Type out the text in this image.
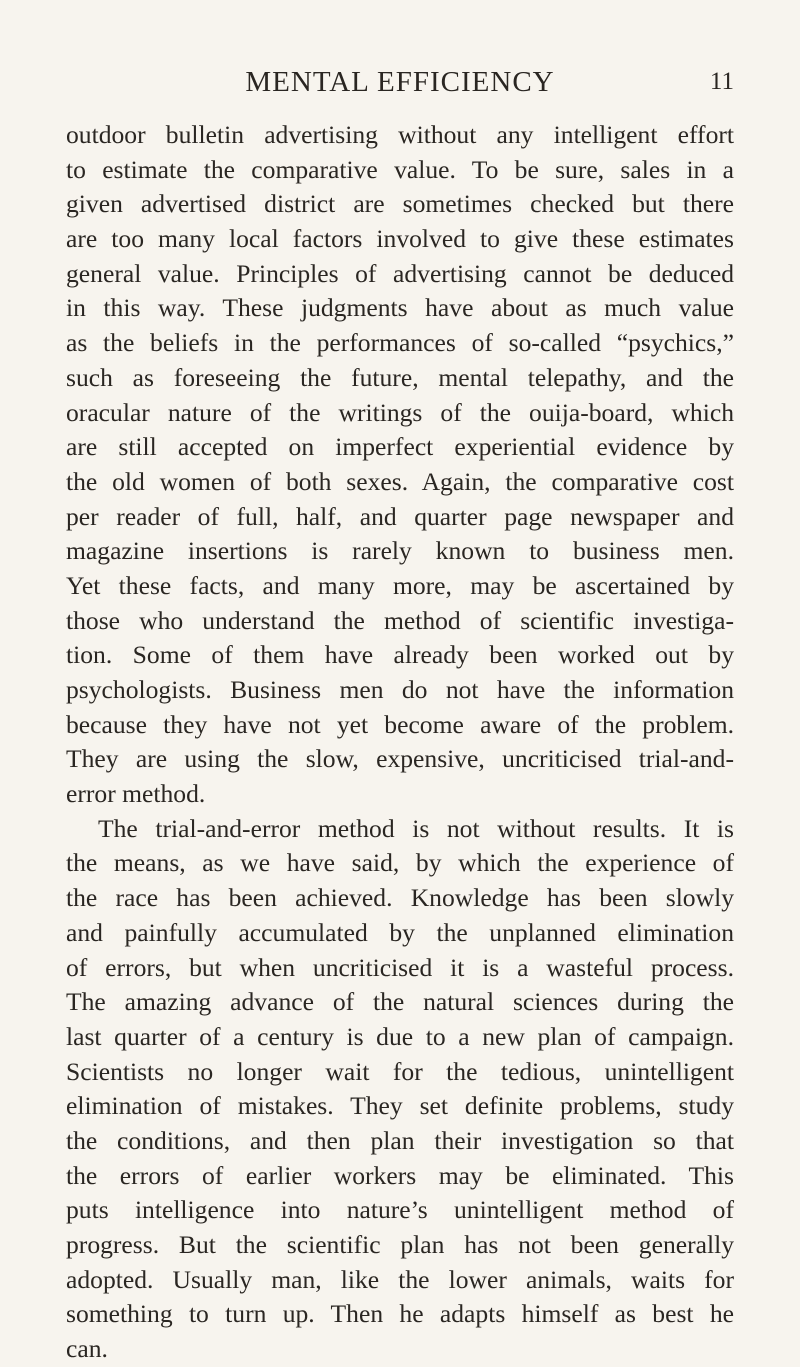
MENTAL EFFICIENCY	11
outdoor bulletin advertising without any intelligent effort
to estimate the comparative value. To be sure, sales in a
given advertised district are sometimes checked but there
are too many local factors involved to give these estimates
general value. Principles of advertising cannot be deduced
in this way. These judgments have about as much value
as the beliefs in the performances of so-called “psychics,”
such as foreseeing the future, mental telepathy, and the
oracular nature of the writings of the ouija-board, which
are still accepted on imperfect experiential evidence by
the old women of both sexes. Again, the comparative cost
per reader of full, half, and quarter page newspaper and
magazine insertions is rarely known to business men.
Yet these facts, and many more, may be ascertained by
those who understand the method of scientific investiga-
tion. Some of them have already been worked out by
psychologists. Business men do not have the information
because they have not yet become aware of the problem.
They are using the slow, expensive, uncriticised trial-and-
error method.
The trial-and-error method is not without results. It is
the means, as we have said, by which the experience of
the race has been achieved. Knowledge has been slowly
and painfully accumulated by the unplanned elimination
of errors, but when uncriticised it is a wasteful process.
The amazing advance of the natural sciences during the
last quarter of a century is due to a new plan of campaign.
Scientists no longer wait for the tedious, unintelligent
elimination of mistakes. They set definite problems, study
the conditions, and then plan their investigation so that
the errors of earlier workers may be eliminated. This
puts intelligence into nature’s unintelligent method of
progress. But the scientific plan has not been generally
adopted. Usually man, like the lower animals, waits for
something to turn up. Then he adapts himself as best he
can.
